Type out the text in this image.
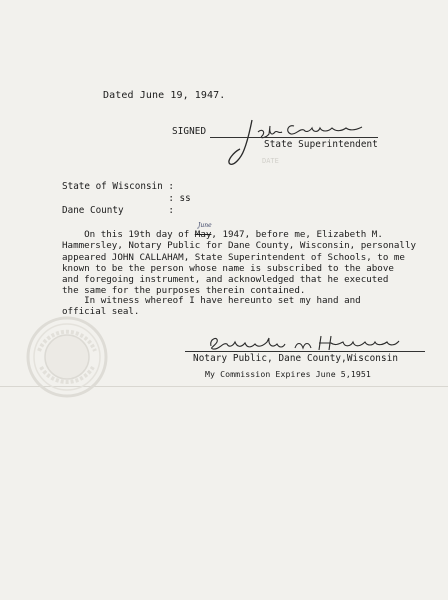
Dated June 19, 1947.
SIGNED
State Superintendent
DATE
State of Wisconsin :
: ss
Dane County        :
June
On this 19th day of May, 1947, before me, Elizabeth M.
Hammersley, Notary Public for Dane County, Wisconsin, personally
appeared JOHN CALLAHAM, State Superintendent of Schools, to me
known to be the person whose name is subscribed to the above
and foregoing instrument, and acknowledged that he executed
the same for the purposes therein contained.
In witness whereof I have hereunto set my hand and
official seal.
Notary Public, Dane County,Wisconsin
My Commission Expires June 5,1951
